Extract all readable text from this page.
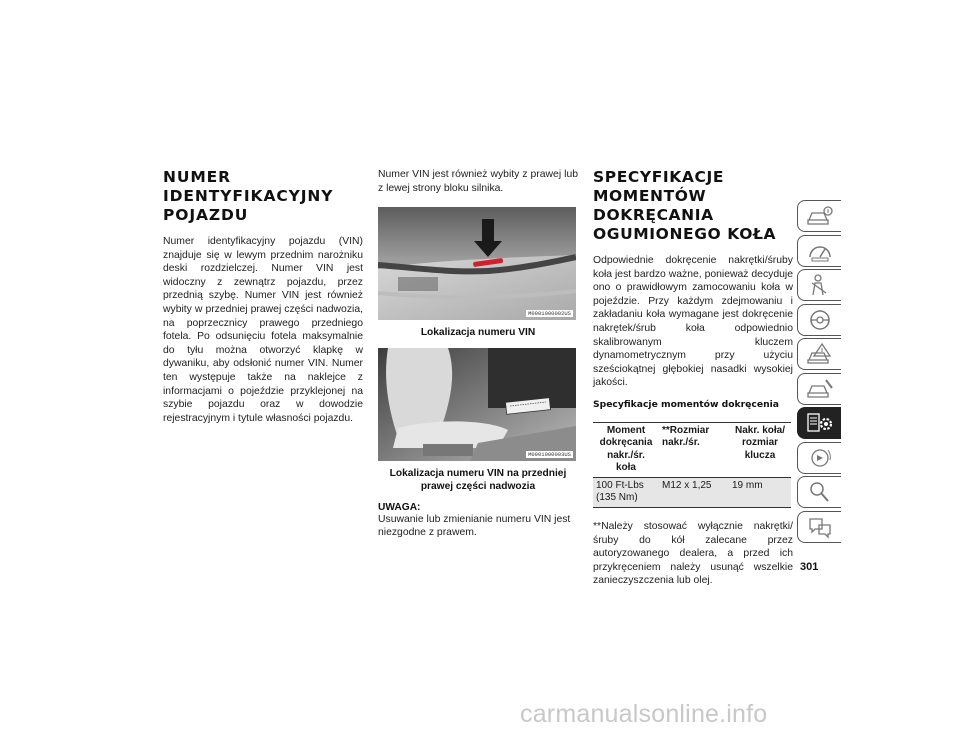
NUMER IDENTYFIKACYJNY POJAZDU

Numer identyfikacyjny pojazdu (VIN) znajduje się w lewym przednim narożniku deski rozdzielczej. Numer VIN jest widoczny z zewnątrz pojazdu, przez przednią szybę. Numer VIN jest również wybity w przedniej prawej części nadwozia, na poprzecznicy prawego przedniego fotela. Po odsunięciu fotela maksymalnie do tyłu można otworzyć klapkę w dywaniku, aby odsłonić numer VIN. Numer ten występuje także na naklejce z informacjami o pojeździe przyklejonej na szybie pojazdu oraz w dowodzie rejestracyjnym i tytule własności pojazdu.

Numer VIN jest również wybity z prawej lub z lewej strony bloku silnika.

M0901000002US
Lokalizacja numeru VIN
M0901000003US
Lokalizacja numeru VIN na przedniej prawej części nadwozia
UWAGA:

Usuwanie lub zmienianie numeru VIN jest niezgodne z prawem.

SPECYFIKACJE MOMENTÓW DOKRĘCANIA OGUMIONEGO KOŁA

Odpowiednie dokręcenie nakrętki/śruby koła jest bardzo ważne, ponieważ decyduje ono o prawidłowym zamocowaniu koła w pojeździe. Przy każdym zdejmowaniu i zakładaniu koła wymagane jest dokręcenie nakrętek/śrub koła odpowiednio skalibrowanym kluczem dynamometrycznym przy użyciu sześciokątnej głębokiej nasadki wysokiej jakości.

Specyfikacje momentów dokręcenia
Moment dokręcania nakr./śr. koła	**Rozmiar nakr./śr.	Nakr. koła/ rozmiar klucza
100 Ft-Lbs (135 Nm)	M12 x 1,25	19 mm

**Należy stosować wyłącznie nakrętki/śruby do kół zalecane przez autoryzowanego dealera, a przed ich przykręceniem należy usunąć wszelkie zanieczyszczenia lub olej.

301
carmanualsonline.info
